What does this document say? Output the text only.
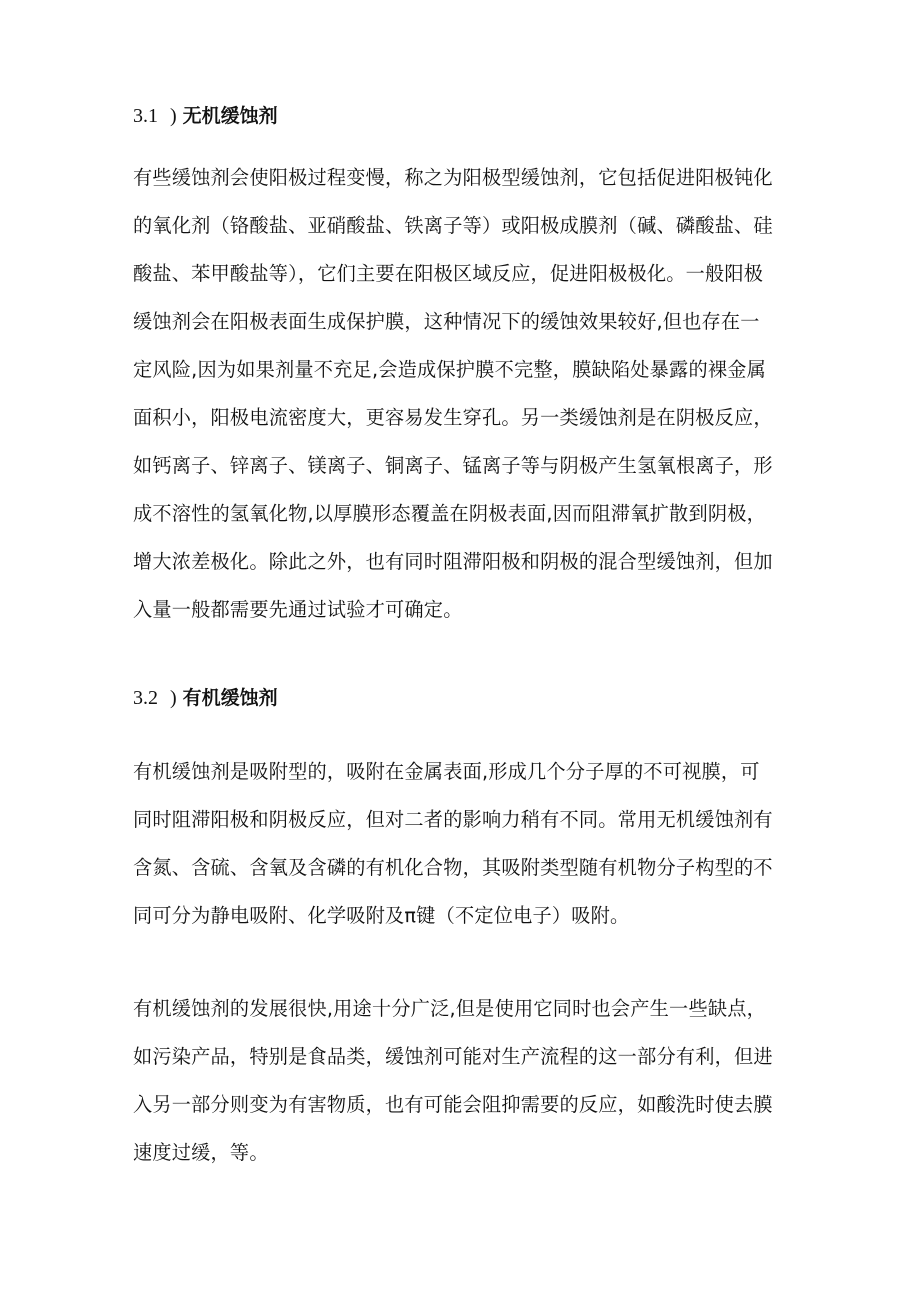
3.1 ) 无机缓蚀剂
有些缓蚀剂会使阳极过程变慢，称之为阳极型缓蚀剂，它包括促进阳极钝化
的氧化剂（铬酸盐、亚硝酸盐、铁离子等）或阳极成膜剂（碱、磷酸盐、硅
酸盐、苯甲酸盐等），它们主要在阳极区域反应，促进阳极极化。一般阳极
缓蚀剂会在阳极表面生成保护膜，这种情况下的缓蚀效果较好,但也存在一
定风险,因为如果剂量不充足,会造成保护膜不完整，膜缺陷处暴露的裸金属
面积小，阳极电流密度大，更容易发生穿孔。另一类缓蚀剂是在阴极反应，
如钙离子、锌离子、镁离子、铜离子、锰离子等与阴极产生氢氧根离子，形
成不溶性的氢氧化物,以厚膜形态覆盖在阴极表面,因而阻滞氧扩散到阴极，
增大浓差极化。除此之外，也有同时阻滞阳极和阴极的混合型缓蚀剂，但加
入量一般都需要先通过试验才可确定。
3.2 ) 有机缓蚀剂
有机缓蚀剂是吸附型的，吸附在金属表面,形成几个分子厚的不可视膜，可
同时阻滞阳极和阴极反应，但对二者的影响力稍有不同。常用无机缓蚀剂有
含氮、含硫、含氧及含磷的有机化合物，其吸附类型随有机物分子构型的不
同可分为静电吸附、化学吸附及π键（不定位电子）吸附。
有机缓蚀剂的发展很快,用途十分广泛,但是使用它同时也会产生一些缺点，
如污染产品，特别是食品类，缓蚀剂可能对生产流程的这一部分有利，但进
入另一部分则变为有害物质，也有可能会阻抑需要的反应，如酸洗时使去膜
速度过缓，等。
